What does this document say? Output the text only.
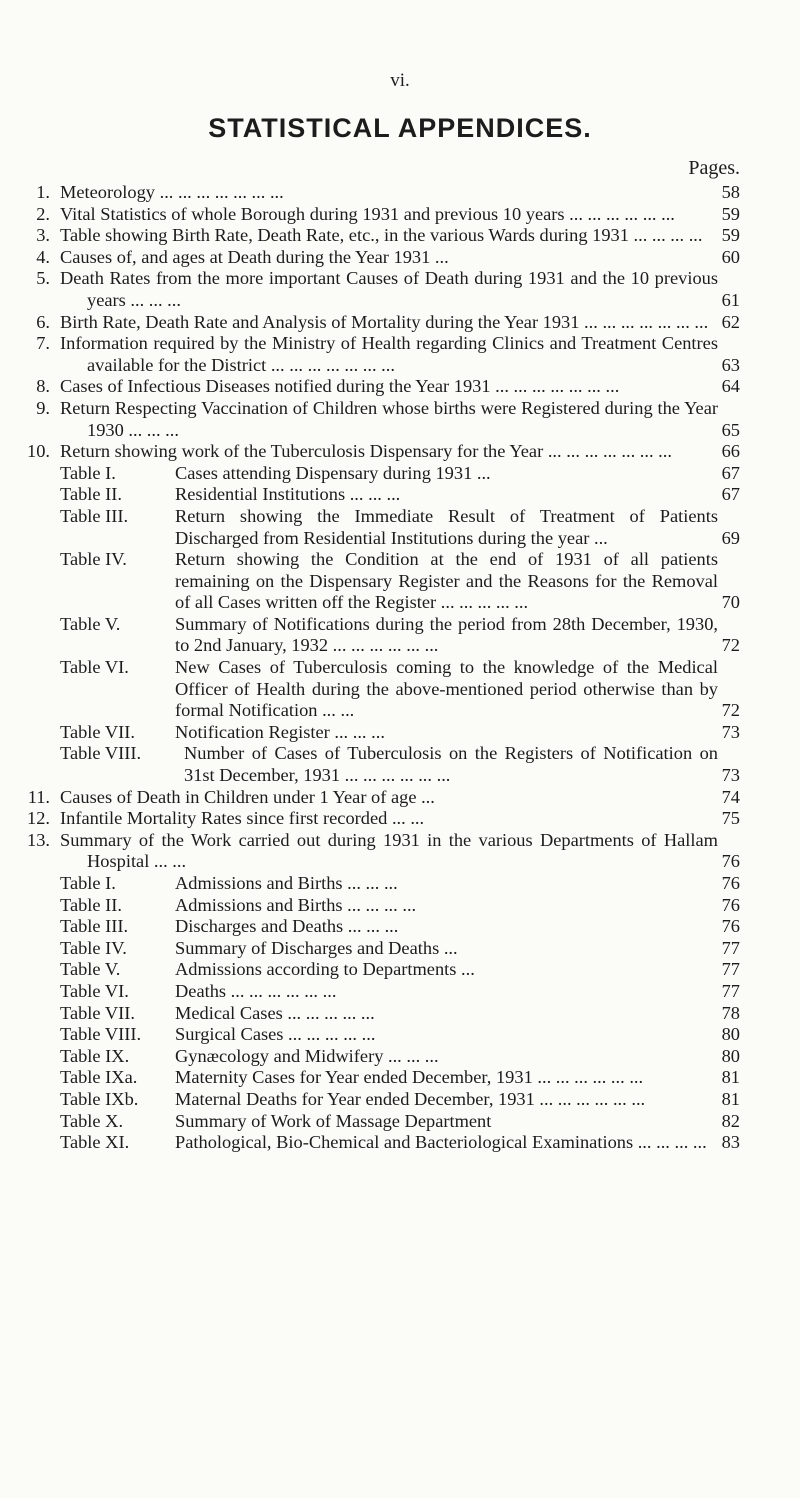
vi.
STATISTICAL APPENDICES.
Pages.
1. Meteorology ... ... ... ... ... ... ...	58
2. Vital Statistics of whole Borough during 1931 and previous 10 years ... ... ... ... ... ...	59
3. Table showing Birth Rate, Death Rate, etc., in the various Wards during 1931 ... ... ... ...	59
4. Causes of, and ages at Death during the Year 1931 ...	60
5. Death Rates from the more important Causes of Death during 1931 and the 10 previous years ... ... ...	61
6. Birth Rate, Death Rate and Analysis of Mortality during the Year 1931 ... ... ... ... ... ... ... 62
7. Information required by the Ministry of Health regarding Clinics and Treatment Centres available for the District ... ... ... ... ... ... ...	63
8. Cases of Infectious Diseases notified during the Year 1931 ... ... ... ... ... ... ...	64
9. Return Respecting Vaccination of Children whose births were Registered during the Year 1930 ... ... ...	65
10. Return showing work of the Tuberculosis Dispensary for the Year ... ... ... ... ... ... ...	66
Table I.	Cases attending Dispensary during 1931 ...	67
Table II.	Residential Institutions ... ... ...	67
Table III.	Return showing the Immediate Result of Treatment of Patients Discharged from Residential Institutions during the year ...	69
Table IV.	Return showing the Condition at the end of 1931 of all patients remaining on the Dispensary Register and the Reasons for the Removal of all Cases written off the Register ... ... ... ... ...	70
Table V.	Summary of Notifications during the period from 28th December, 1930, to 2nd January, 1932 ... ... ... ... ... ...	72
Table VI.	New Cases of Tuberculosis coming to the knowledge of the Medical Officer of Health during the above-mentioned period otherwise than by formal Notification ... ...	72
Table VII. Notification Register ... ... ...	73
Table VIII. Number of Cases of Tuberculosis on the Registers of Notification on 31st December, 1931 ... ... ... ... ... ...	73
11. Causes of Death in Children under 1 Year of age ...	74
12. Infantile Mortality Rates since first recorded ... ...	75
13. Summary of the Work carried out during 1931 in the various Departments of Hallam Hospital ... ...	76
Table I.	Admissions and Births ... ... ...	76
Table II.	Admissions and Births ... ... ... ...	76
Table III.	Discharges and Deaths ... ... ...	76
Table IV.	Summary of Discharges and Deaths ...	77
Table V.	Admissions according to Departments ...	77
Table VI.	Deaths ... ... ... ... ... ...	77
Table VII. Medical Cases ... ... ... ... ...	78
Table VIII. Surgical Cases ... ... ... ... ...	80
Table IX. Gynæcology and Midwifery ... ... ...	80
Table IXa. Maternity Cases for Year ended December, 1931 ... ... ... ... ... ...	81
Table IXb. Maternal Deaths for Year ended December, 1931 ... ... ... ... ... ...	81
Table X.	Summary of Work of Massage Department	82
Table XI. Pathological, Bio-Chemical and Bacteriological Examinations ... ... ... ... 83
